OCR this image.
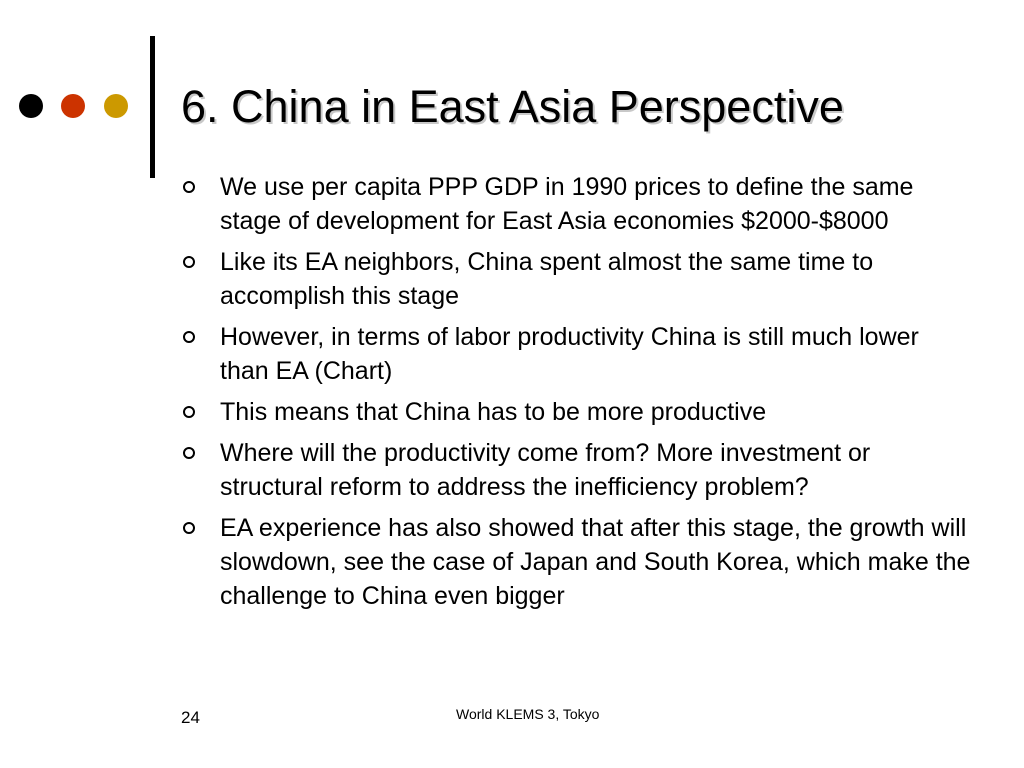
6. China in East Asia Perspective
We use per capita PPP GDP in 1990 prices to define the same stage of development for East Asia economies $2000-$8000
Like its EA neighbors, China spent almost the same time to accomplish this stage
However, in terms of labor productivity China is still much lower than EA (Chart)
This means that China has to be more productive
Where will the productivity come from? More investment or structural reform to address the inefficiency problem?
EA experience has also showed that after this stage, the growth will slowdown, see the case of Japan and South Korea, which make the challenge to China even bigger
24	World KLEMS 3, Tokyo
